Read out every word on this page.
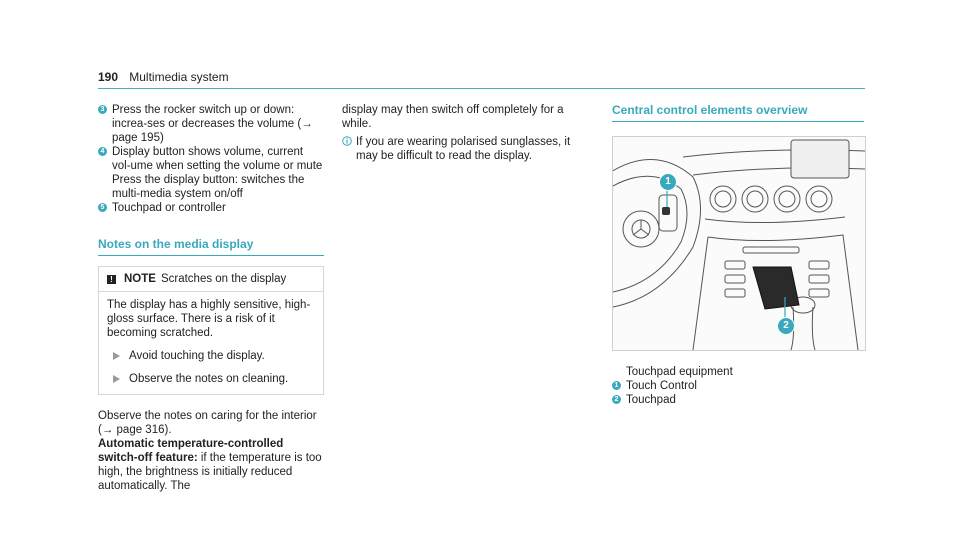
190 Multimedia system
3 Press the rocker switch up or down: increa-ses or decreases the volume (→ page 195)

4 Display button shows volume, current vol-ume when setting the volume or mute

Press the display button: switches the multi-media system on/off

5 Touchpad or controller

Notes on the media display
! NOTE Scratches on the display

The display has a highly sensitive, high-gloss surface. There is a risk of it becoming scratched.

Avoid touching the display.
Observe the notes on cleaning.

Observe the notes on caring for the interior (→ page 316).

Automatic temperature-controlled switch-off feature: if the temperature is too high, the brightness is initially reduced automatically. The

display may then switch off completely for a while.

If you are wearing polarised sunglasses, it may be difficult to read the display.
Central control elements overview
1
2
Touchpad equipment
1 Touch Control

2 Touchpad
